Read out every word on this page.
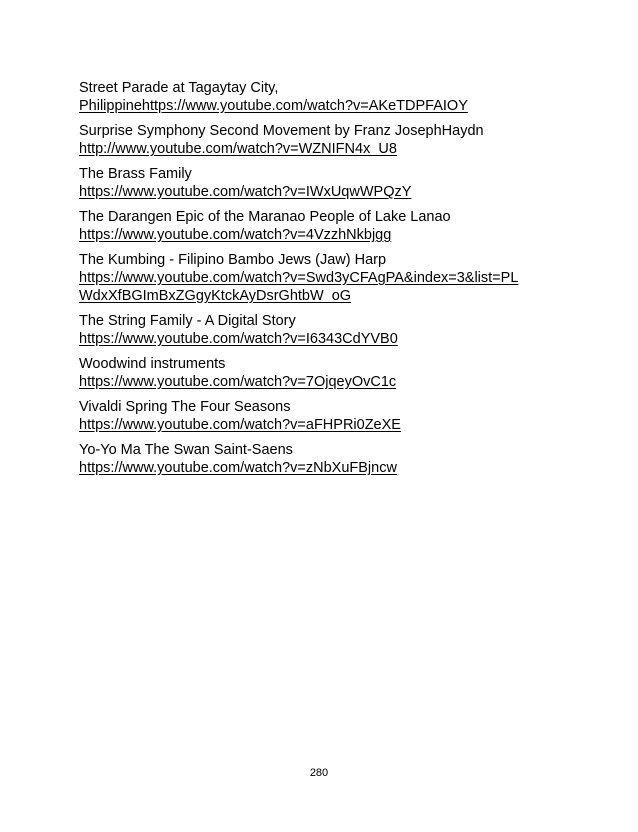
Street Parade at Tagaytay City,
Philippinehttps://www.youtube.com/watch?v=AKeTDPFAIOY
Surprise Symphony Second Movement by Franz JosephHaydn
http://www.youtube.com/watch?v=WZNIFN4x_U8
The Brass Family
https://www.youtube.com/watch?v=IWxUqwWPQzY
The Darangen Epic of the Maranao People of Lake Lanao
https://www.youtube.com/watch?v=4VzzhNkbjgg
The Kumbing - Filipino Bambo Jews (Jaw) Harp
https://www.youtube.com/watch?v=Swd3yCFAgPA&index=3&list=PL
WdxXfBGImBxZGgyKtckAyDsrGhtbW_oG
The String Family - A Digital Story
https://www.youtube.com/watch?v=I6343CdYVB0
Woodwind instruments
https://www.youtube.com/watch?v=7OjqeyOvC1c
Vivaldi Spring The Four Seasons
https://www.youtube.com/watch?v=aFHPRi0ZeXE
Yo-Yo Ma The Swan Saint-Saens
https://www.youtube.com/watch?v=zNbXuFBjncw
280
